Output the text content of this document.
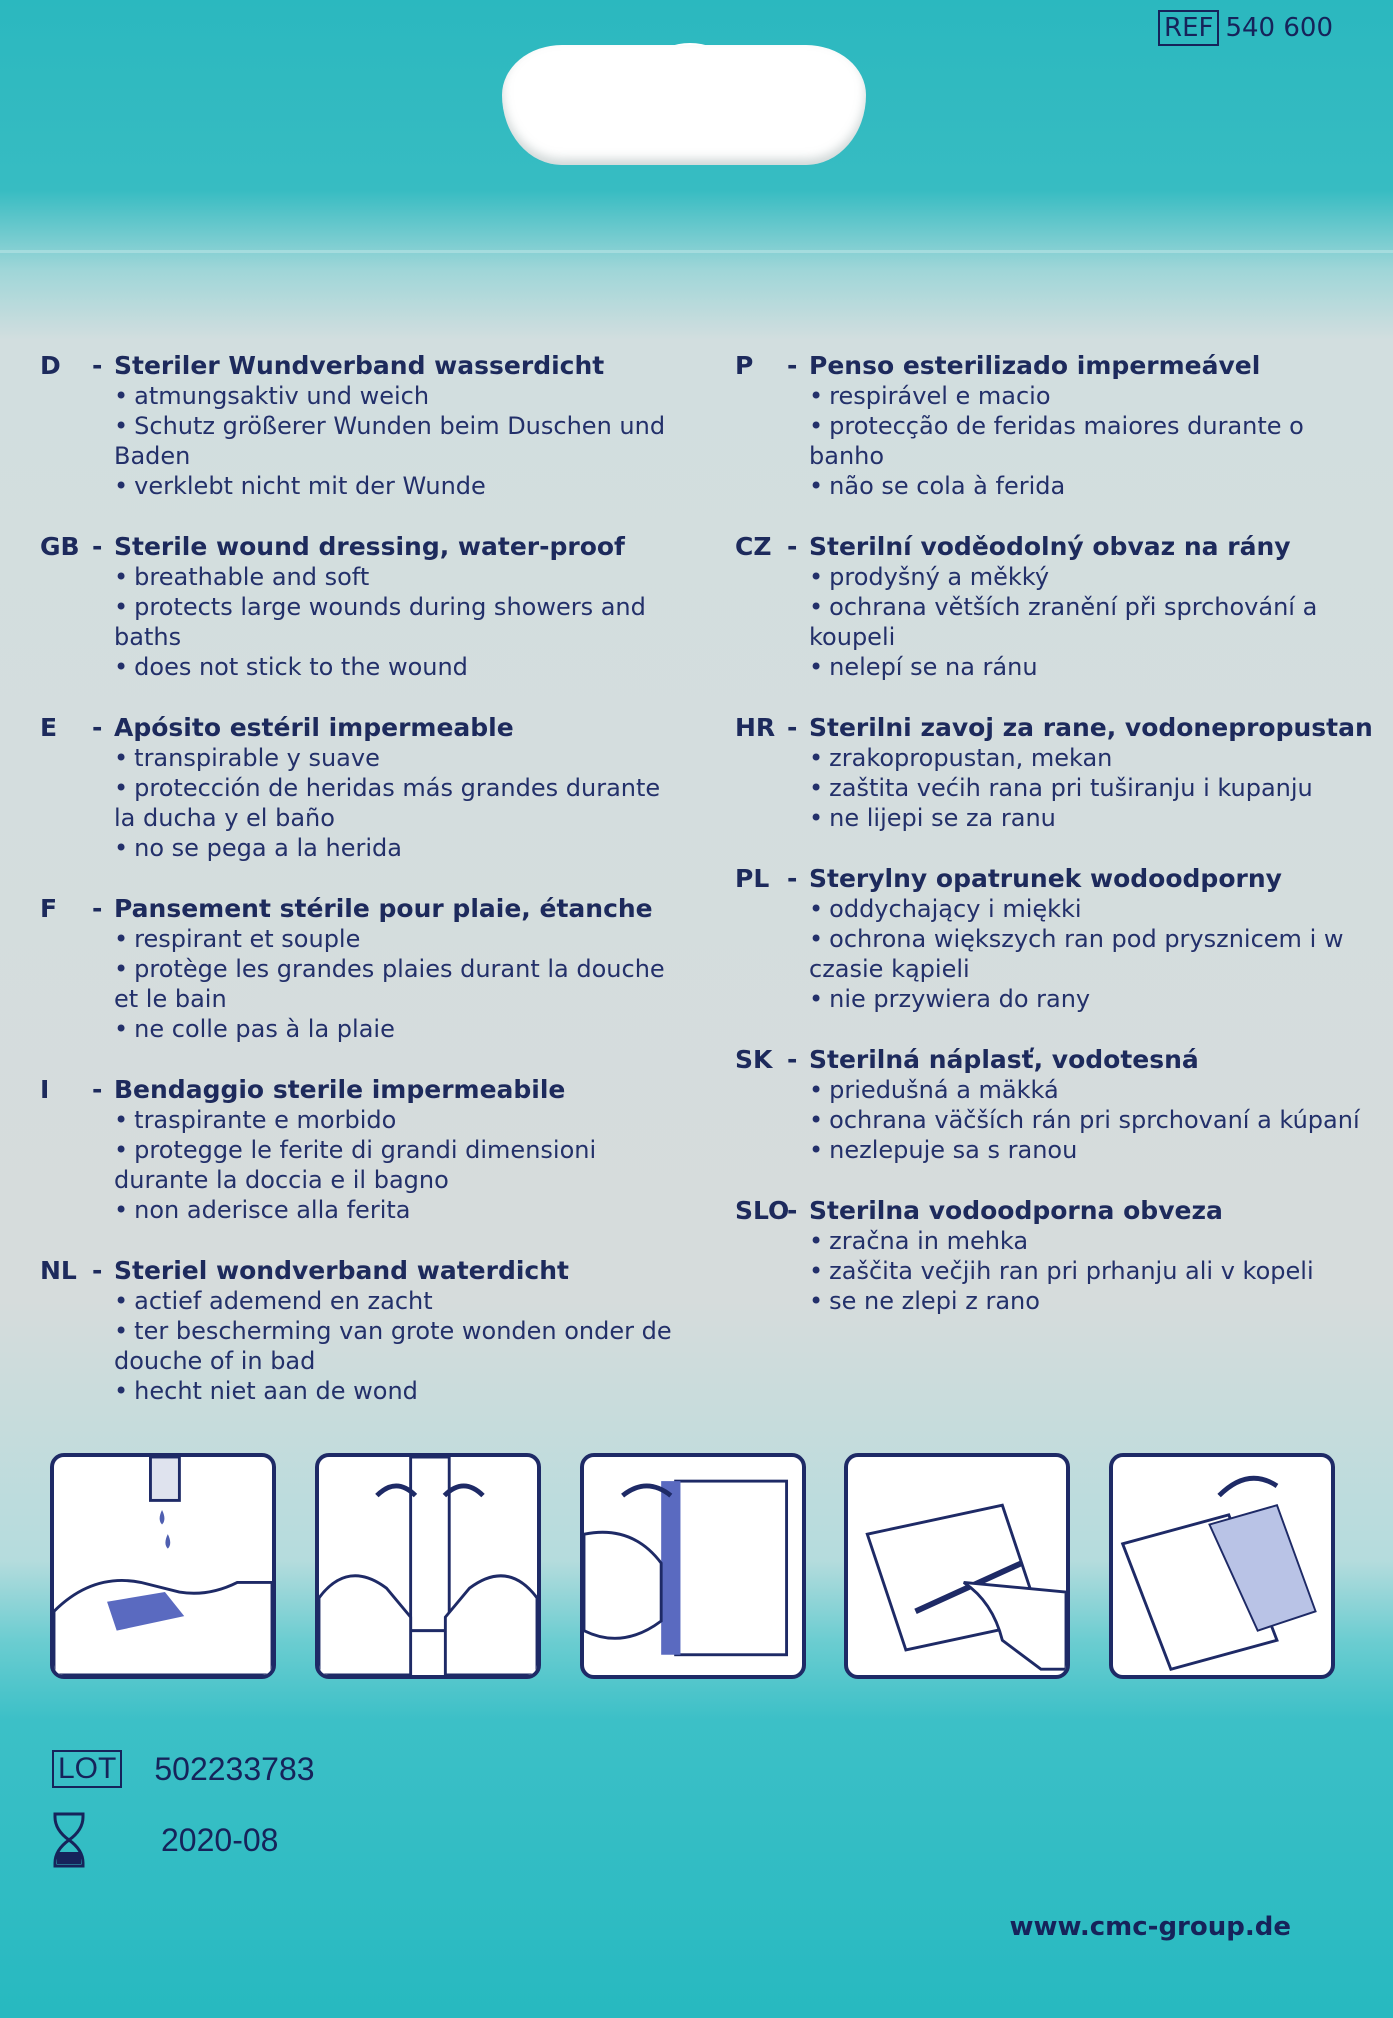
REF 540 600
D	- Steriler Wundverband wasserdicht
• atmungsaktiv und weich
• Schutz größerer Wunden beim Duschen und Baden
• verklebt nicht mit der Wunde
GB - Sterile wound dressing, water-proof
• breathable and soft
• protects large wounds during showers and baths
• does not stick to the wound
E	- Apósito estéril impermeable
• transpirable y suave
• protección de heridas más grandes durante la ducha y el baño
• no se pega a la herida
F	- Pansement stérile pour plaie, étanche
• respirant et souple
• protège les grandes plaies durant la douche et le bain
• ne colle pas à la plaie
I	- Bendaggio sterile impermeabile
• traspirante e morbido
• protegge le ferite di grandi dimensioni durante la doccia e il bagno
• non aderisce alla ferita
NL - Steriel wondverband waterdicht
• actief ademend en zacht
• ter bescherming van grote wonden onder de douche of in bad
• hecht niet aan de wond
P	- Penso esterilizado impermeável
• respirável e macio
• protecção de feridas maiores durante o banho
• não se cola à ferida
CZ - Sterilní voděodolný obvaz na rány
• prodyšný a měkký
• ochrana větších zranění při sprchování a koupeli
• nelepí se na ránu
HR - Sterilni zavoj za rane, vodonepropustan
• zrakopropustan, mekan
• zaštita većih rana pri tuširanju i kupanju
• ne lijepi se za ranu
PL - Sterylny opatrunek wodoodporny
• oddychający i miękki
• ochrona większych ran pod prysznicem i w czasie kąpieli
• nie przywiera do rany
SK - Sterilná náplasť, vodotesná
• priedušná a mäkká
• ochrana väčších rán pri sprchovaní a kúpaní
• nezlepuje sa s ranou
SLO
- Sterilna vodoodporna obveza
• zračna in mehka
• zaščita večjih ran pri prhanju ali v kopeli
• se ne zlepi z rano
LOT 502233783
2020-08
www.cmc-group.de
